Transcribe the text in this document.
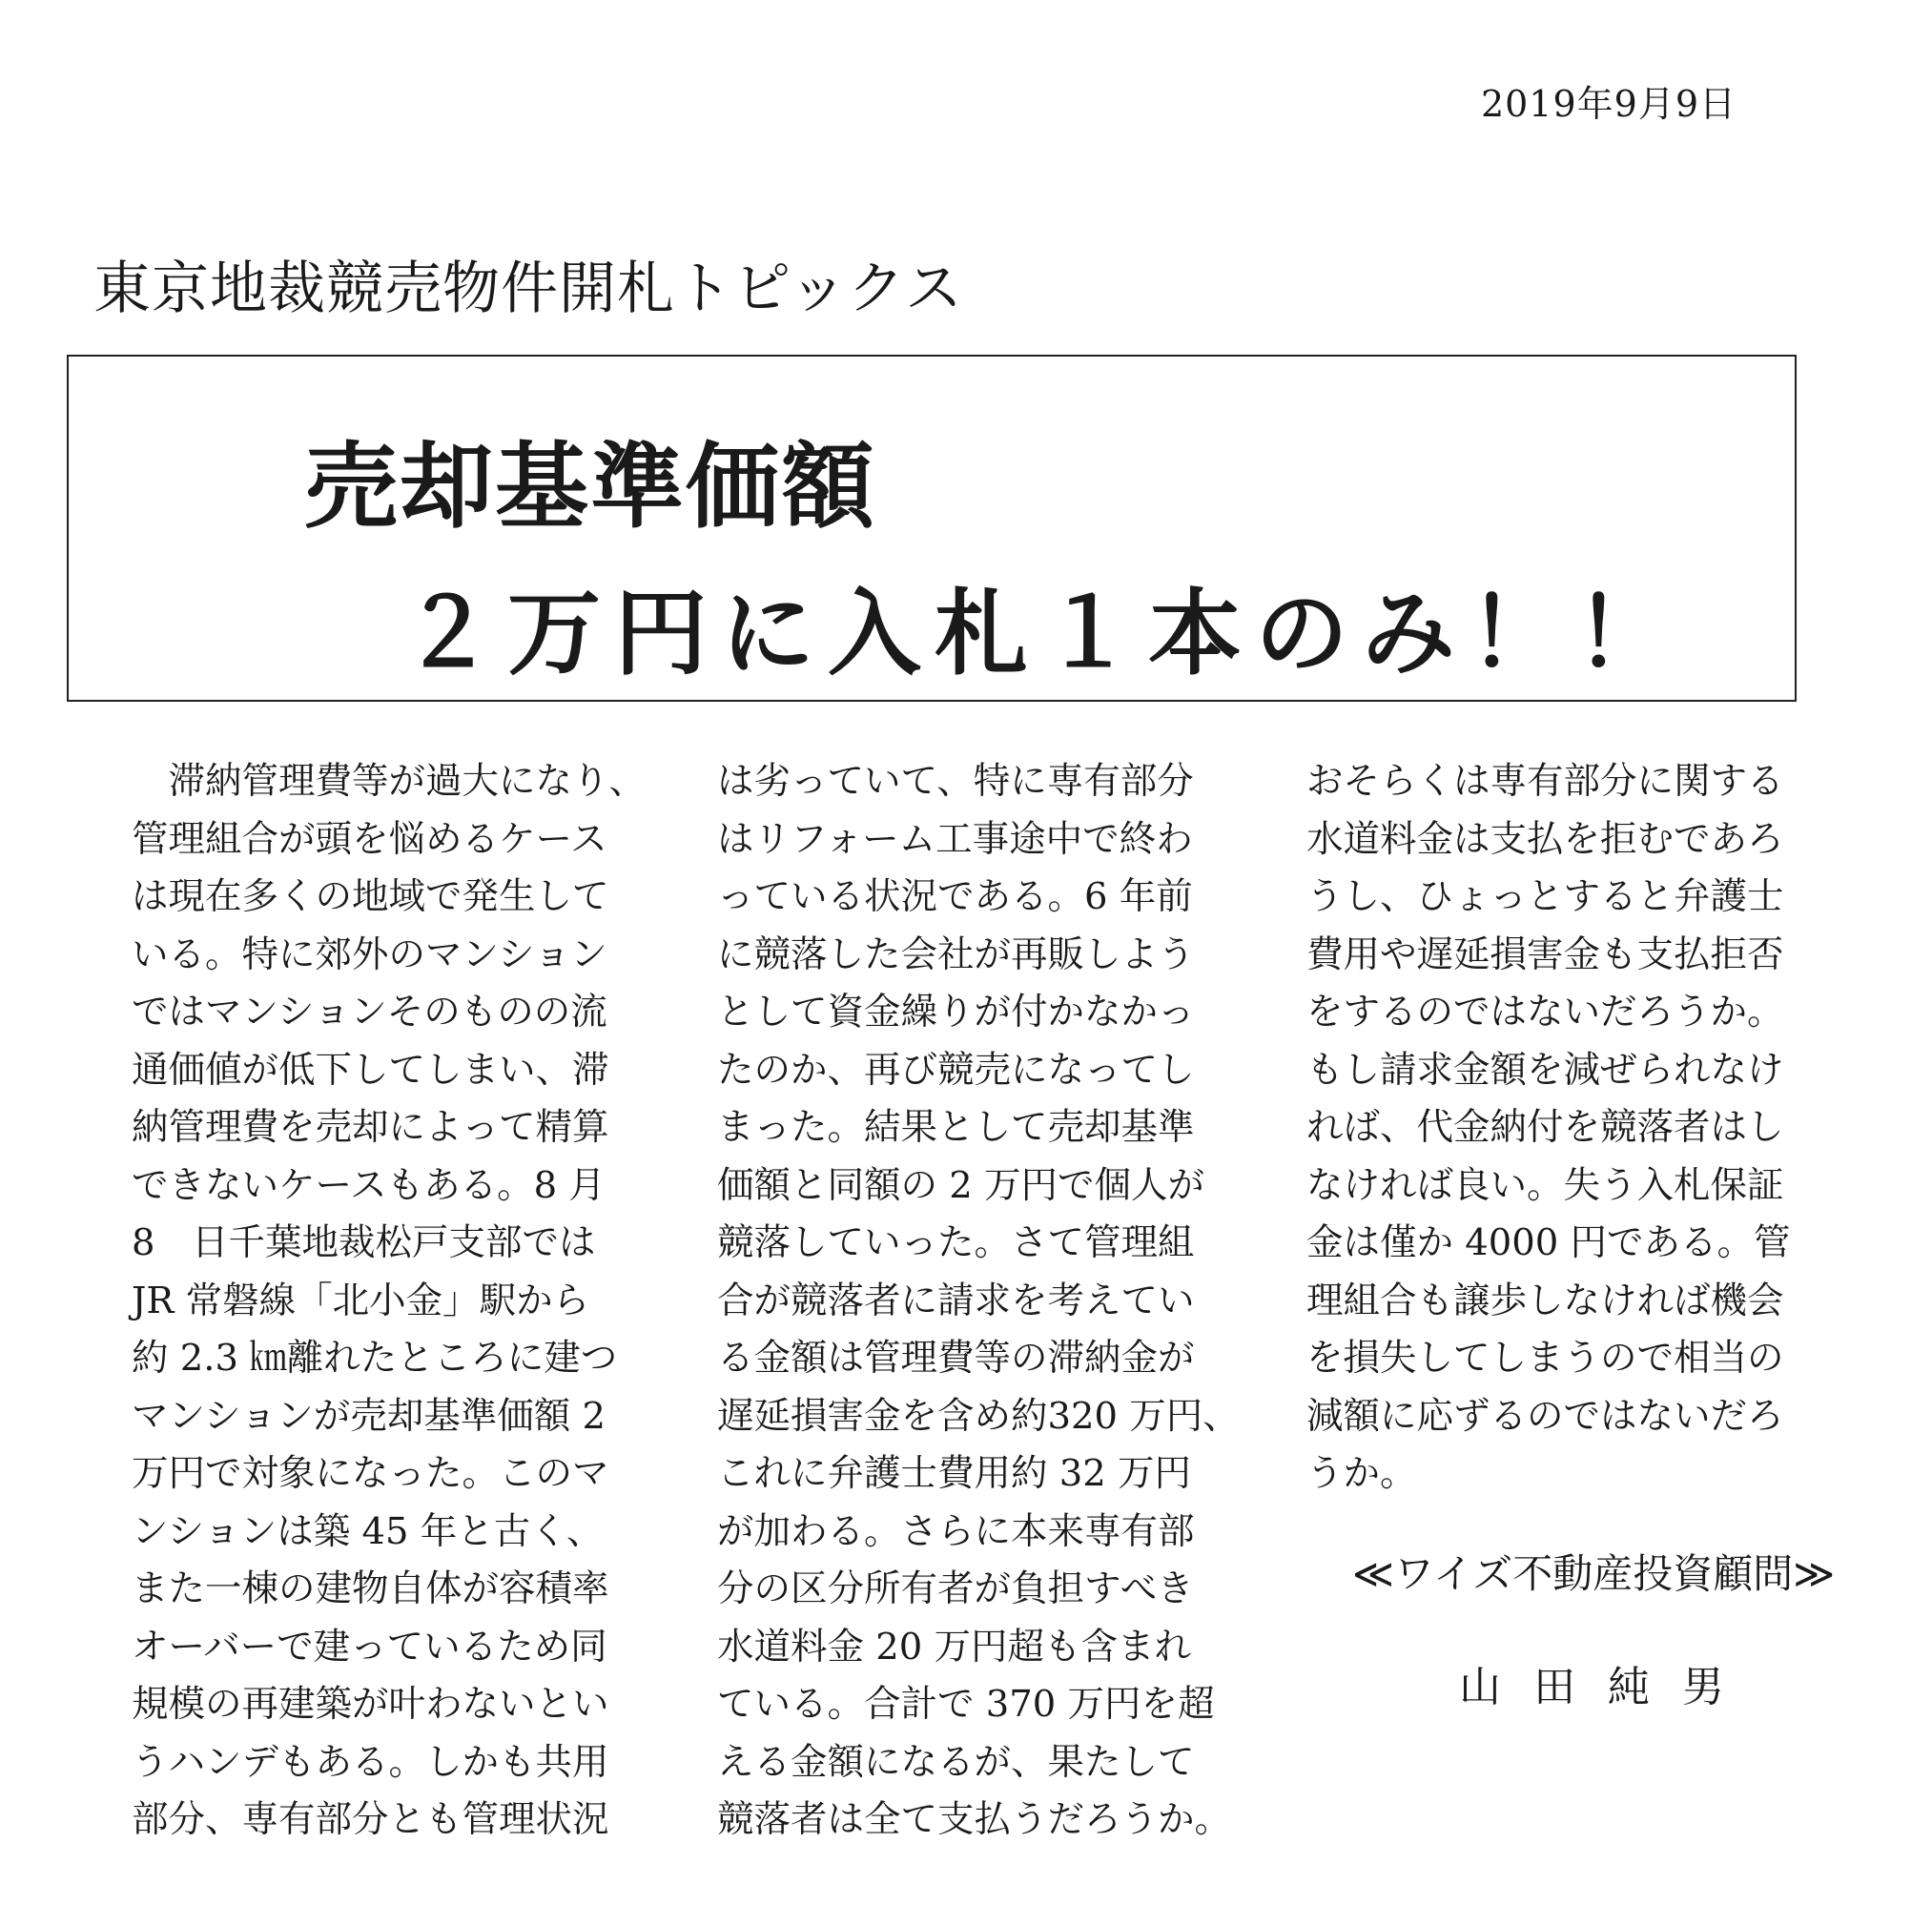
2019年9月9日
東京地裁競売物件開札トピックス
売却基準価額
２万円に入札１本のみ！！
　滞納管理費等が過大になり、
管理組合が頭を悩めるケース
は現在多くの地域で発生して
いる。特に郊外のマンション
ではマンションそのものの流
通価値が低下してしまい、滞
納管理費を売却によって精算
できないケースもある。8 月
8　日千葉地裁松戸支部では
JR 常磐線「北小金」駅から
約 2.3 ㎞離れたところに建つ
マンションが売却基準価額 2
万円で対象になった。このマ
ンションは築 45 年と古く、
また一棟の建物自体が容積率
オーバーで建っているため同
規模の再建築が叶わないとい
うハンデもある。しかも共用
部分、専有部分とも管理状況
は劣っていて、特に専有部分
はリフォーム工事途中で終わ
っている状況である。6 年前
に競落した会社が再販しよう
として資金繰りが付かなかっ
たのか、再び競売になってし
まった。結果として売却基準
価額と同額の 2 万円で個人が
競落していった。さて管理組
合が競落者に請求を考えてい
る金額は管理費等の滞納金が
遅延損害金を含め約320 万円、
これに弁護士費用約 32 万円
が加わる。さらに本来専有部
分の区分所有者が負担すべき
水道料金 20 万円超も含まれ
ている。合計で 370 万円を超
える金額になるが、果たして
競落者は全て支払うだろうか。
おそらくは専有部分に関する
水道料金は支払を拒むであろ
うし、ひょっとすると弁護士
費用や遅延損害金も支払拒否
をするのではないだろうか。
もし請求金額を減ぜられなけ
れば、代金納付を競落者はし
なければ良い。失う入札保証
金は僅か 4000 円である。管
理組合も譲歩しなければ機会
を損失してしまうので相当の
減額に応ずるのではないだろ
うか。
≪ワイズ不動産投資顧問≫
山田純男
